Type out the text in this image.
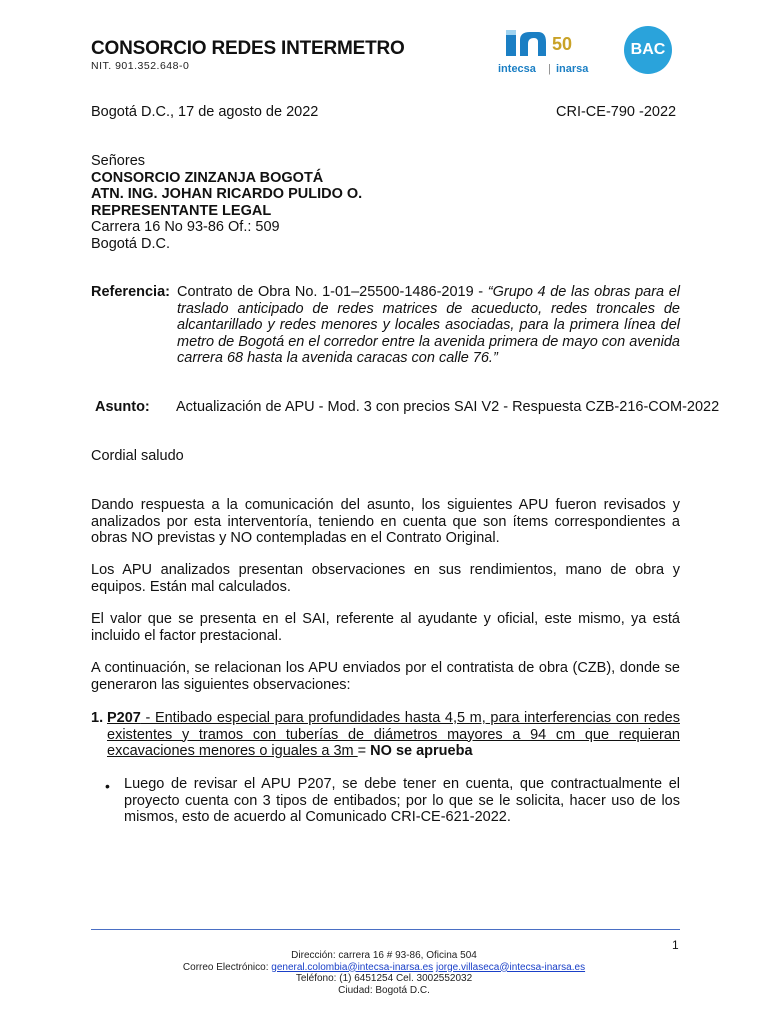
CONSORCIO REDES INTERMETRO
NIT. 901.352.648-0
50
intecsa | inarsa
BAC
Bogotá D.C., 17 de agosto de 2022	CRI-CE-790 -2022
Señores
CONSORCIO ZINZANJA BOGOTÁ
ATN. ING. JOHAN RICARDO PULIDO O.
REPRESENTANTE LEGAL
Carrera 16 No 93-86 Of.: 509
Bogotá D.C.
Referencia: Contrato de Obra No. 1-01–25500-1486-2019 - “Grupo 4 de las obras para el traslado anticipado de redes matrices de acueducto, redes troncales de alcantarillado y redes menores y locales asociadas, para la primera línea del metro de Bogotá en el corredor entre la avenida primera de mayo con avenida carrera 68 hasta la avenida caracas con calle 76.”
Asunto: Actualización de APU - Mod. 3 con precios SAI V2 - Respuesta CZB-216-COM-2022
Cordial saludo
Dando respuesta a la comunicación del asunto, los siguientes APU fueron revisados y analizados por esta interventoría, teniendo en cuenta que son ítems correspondientes a obras NO previstas y NO contempladas en el Contrato Original.
Los APU analizados presentan observaciones en sus rendimientos, mano de obra y equipos. Están mal calculados.
El valor que se presenta en el SAI, referente al ayudante y oficial, este mismo, ya está incluido el factor prestacional.
A continuación, se relacionan los APU enviados por el contratista de obra (CZB), donde se generaron las siguientes observaciones:
1. P207 - Entibado especial para profundidades hasta 4,5 m, para interferencias con redes existentes y tramos con tuberías de diámetros mayores a 94 cm que requieran excavaciones menores o iguales a 3m = NO se aprueba
• Luego de revisar el APU P207, se debe tener en cuenta, que contractualmente el proyecto cuenta con 3 tipos de entibados; por lo que se le solicita, hacer uso de los mismos, esto de acuerdo al Comunicado CRI-CE-621-2022.
1
Dirección: carrera 16 # 93-86, Oficina 504
Correo Electrónico: general.colombia@intecsa-inarsa.es jorge.villaseca@intecsa-inarsa.es
Teléfono: (1) 6451254 Cel. 3002552032
Ciudad: Bogotá D.C.
